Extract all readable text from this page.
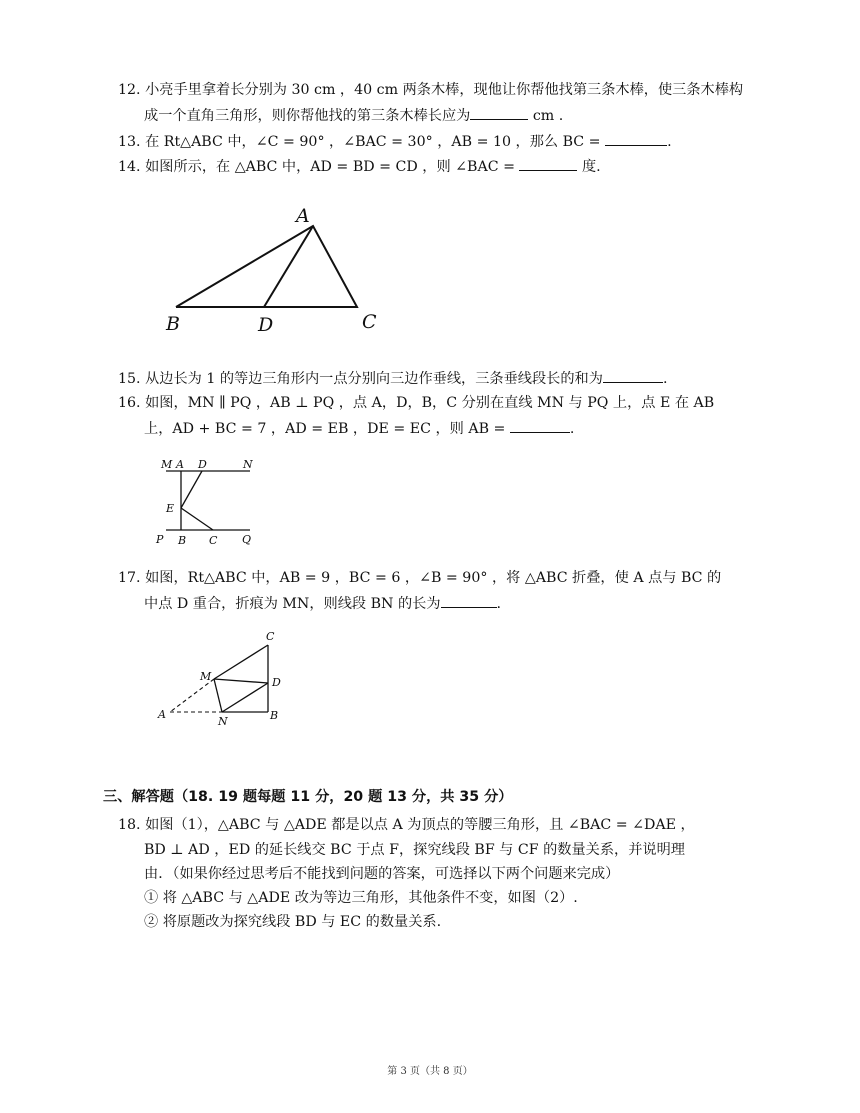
12. 小亮手里拿着长分别为 30 cm ，40 cm 两条木棒，现他让你帮他找第三条木棒，使三条木棒构
成一个直角三角形，则你帮他找的第三条木棒长应为	cm .
13. 在 Rt△ABC 中，∠C = 90° ，∠BAC = 30° ，AB = 10 ，那么 BC =	.
14. 如图所示，在 △ABC 中，AD = BD = CD ，则 ∠BAC =	度.
A
B	D	C
15. 从边长为 1 的等边三角形内一点分别向三边作垂线，三条垂线段长的和为	.
16. 如图，MN ∥ PQ ，AB ⊥ PQ ，点 A，D，B，C 分别在直线 MN 与 PQ 上，点 E 在 AB
上，AD + BC = 7 ，AD = EB ，DE = EC ，则 AB =	.
M A D	N
E
P B C Q
17. 如图，Rt△ABC 中，AB = 9 ，BC = 6 ，∠B = 90° ，将 △ABC 折叠，使 A 点与 BC 的
中点 D 重合，折痕为 MN，则线段 BN 的长为	.
C
M	D
A
N	B
三、解答题（18. 19 题每题 11 分，20 题 13 分，共 35 分）
18. 如图（1），△ABC 与 △ADE 都是以点 A 为顶点的等腰三角形，且 ∠BAC = ∠DAE ，
BD ⊥ AD ，ED 的延长线交 BC 于点 F，探究线段 BF 与 CF 的数量关系，并说明理
由．（如果你经过思考后不能找到问题的答案，可选择以下两个问题来完成）
① 将 △ABC 与 △ADE 改为等边三角形，其他条件不变，如图（2）.
② 将原题改为探究线段 BD 与 EC 的数量关系.
第 3 页（共 8 页）
